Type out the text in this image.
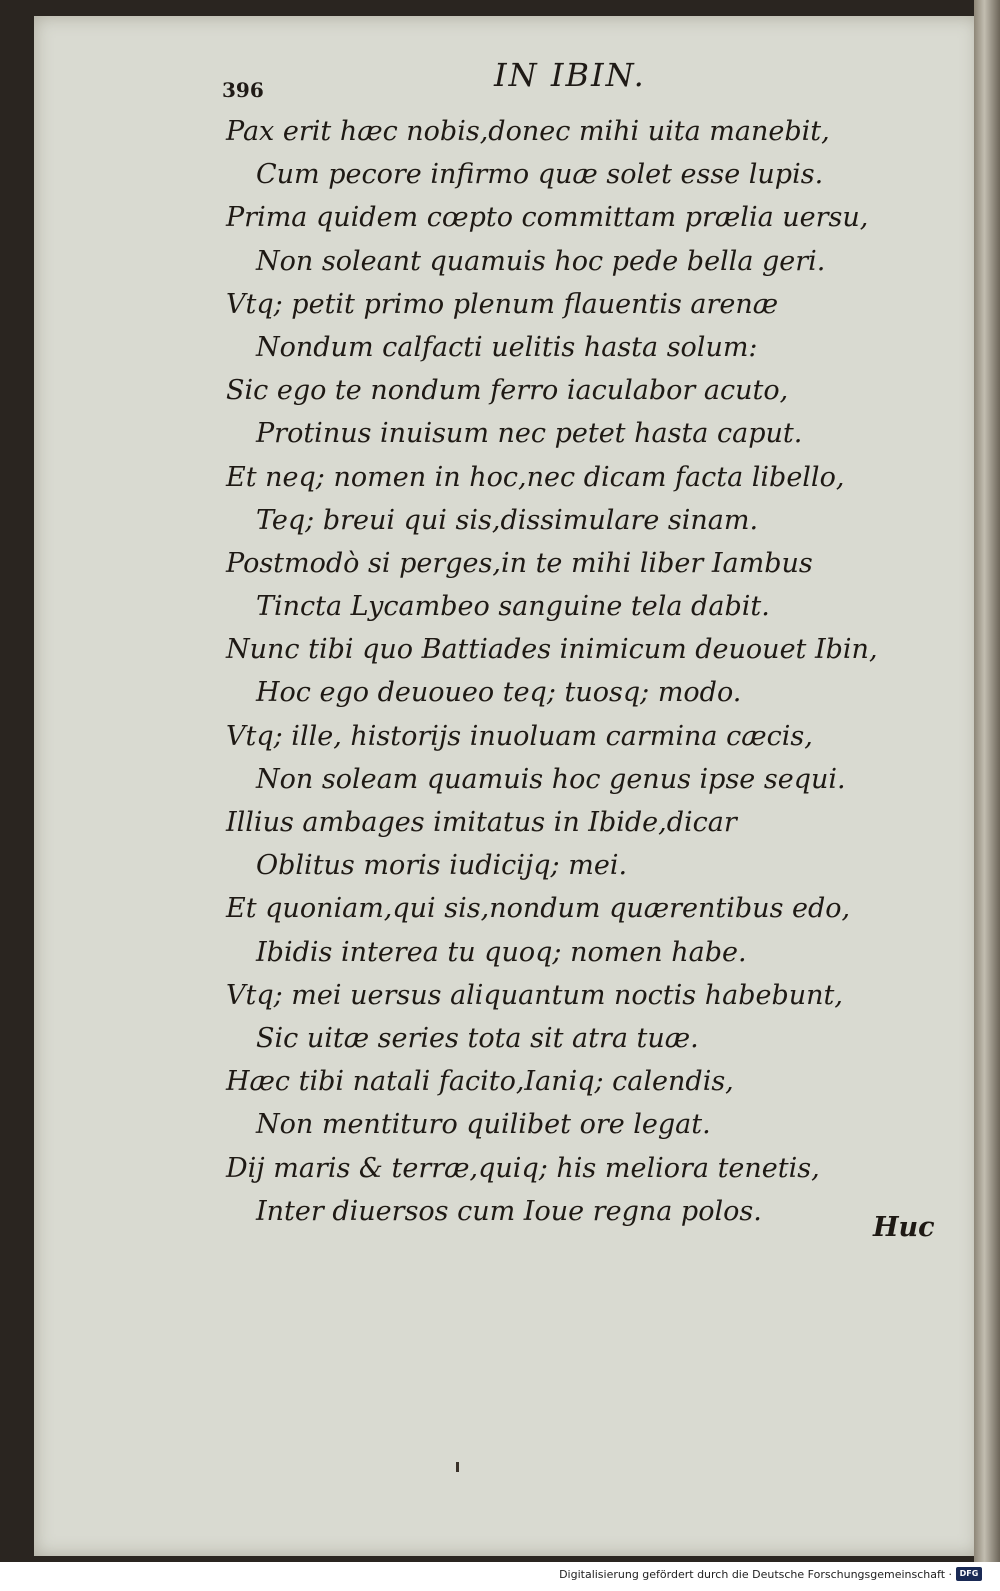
396	IN IBIN.
Pax erit hæc nobis,donec mihi uita manebit,
Cum pecore infirmo quæ solet esse lupis.
Prima quidem cœpto committam prælia uersu,
Non soleant quamuis hoc pede bella geri.
Vtq; petit primo plenum flauentis arenæ
Nondum calfacti uelitis hasta solum:
Sic ego te nondum ferro iaculabor acuto,
Protinus inuisum nec petet hasta caput.
Et neq; nomen in hoc,nec dicam facta libello,
Teq; breui qui sis,dissimulare sinam.
Postmodò si perges,in te mihi liber Iambus
Tincta Lycambeo sanguine tela dabit.
Nunc tibi quo Battiades inimicum deuouet Ibin,
Hoc ego deuoueo teq; tuosq; modo.
Vtq; ille, historijs inuoluam carmina cæcis,
Non soleam quamuis hoc genus ipse sequi.
Illius ambages imitatus in Ibide,dicar
Oblitus moris iudicijq; mei.
Et quoniam,qui sis,nondum quærentibus edo,
Ibidis interea tu quoq; nomen habe.
Vtq; mei uersus aliquantum noctis habebunt,
Sic uitæ series tota sit atra tuæ.
Hæc tibi natali facito,Ianiq; calendis,
Non mentituro quilibet ore legat.
Dij maris & terræ,quiq; his meliora tenetis,
Inter diuersos cum Ioue regna polos.
Huc
Digitalisierung gefördert durch die Deutsche Forschungsgemeinschaft · DFG
